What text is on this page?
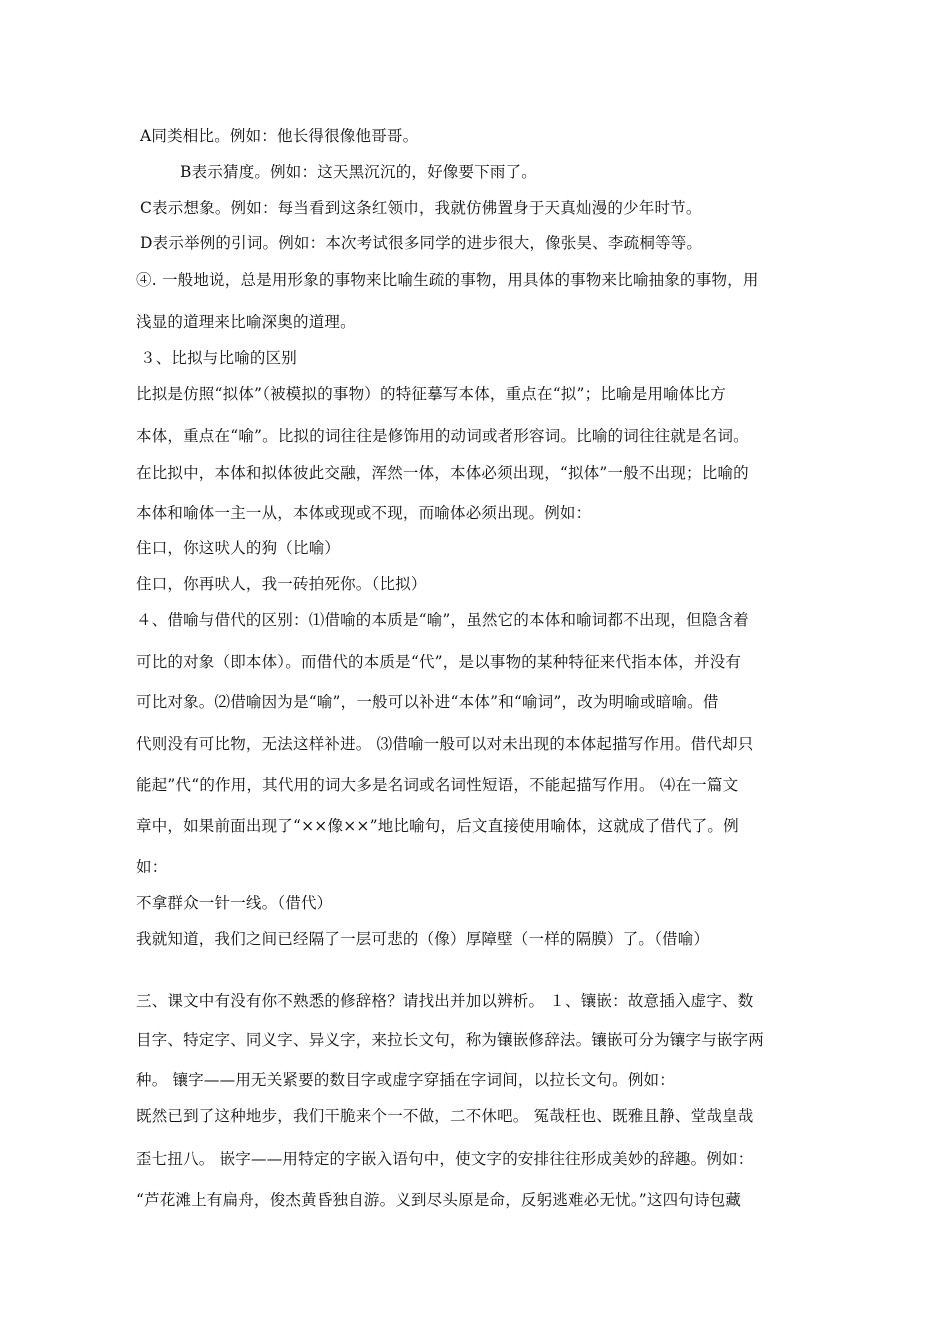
A同类相比。例如：他长得很像他哥哥。
B表示猜度。例如：这天黑沉沉的，好像要下雨了。
C表示想象。例如：每当看到这条红领巾，我就仿佛置身于天真灿漫的少年时节。
D表示举例的引词。例如：本次考试很多同学的进步很大，像张昊、李疏桐等等。
④. 一般地说，总是用形象的事物来比喻生疏的事物，用具体的事物来比喻抽象的事物，用
浅显的道理来比喻深奥的道理。
３、比拟与比喻的区别
比拟是仿照“拟体”（被模拟的事物）的特征摹写本体，重点在“拟”；比喻是用喻体比方
本体，重点在“喻”。比拟的词往往是修饰用的动词或者形容词。比喻的词往往就是名词。
在比拟中，本体和拟体彼此交融，浑然一体，本体必须出现，“拟体”一般不出现；比喻的
本体和喻体一主一从，本体或现或不现，而喻体必须出现。例如：
住口，你这吠人的狗（比喻）
住口，你再吠人，我一砖拍死你。（比拟）
４、借喻与借代的区别：⑴借喻的本质是“喻”，虽然它的本体和喻词都不出现，但隐含着
可比的对象（即本体）。而借代的本质是“代”，是以事物的某种特征来代指本体，并没有
可比对象。⑵借喻因为是“喻”，一般可以补进“本体”和“喻词”，改为明喻或暗喻。借
代则没有可比物，无法这样补进。 ⑶借喻一般可以对未出现的本体起描写作用。借代却只
能起”代“的作用，其代用的词大多是名词或名词性短语，不能起描写作用。 ⑷在一篇文
章中，如果前面出现了“××像××”地比喻句，后文直接使用喻体，这就成了借代了。例
如：
不拿群众一针一线。（借代）
我就知道，我们之间已经隔了一层可悲的（像）厚障壁（一样的隔膜）了。（借喻）
三、课文中有没有你不熟悉的修辞格？请找出并加以辨析。 １、镶嵌：故意插入虚字、数
目字、特定字、同义字、异义字，来拉长文句，称为镶嵌修辞法。镶嵌可分为镶字与嵌字两
种。 镶字——用无关紧要的数目字或虚字穿插在字词间，以拉长文句。例如：
既然已到了这种地步，我们干脆来个一不做，二不休吧。 冤哉枉也、既雅且静、堂哉皇哉
歪七扭八。 嵌字——用特定的字嵌入语句中，使文字的安排往往形成美妙的辞趣。例如：
“芦花滩上有扁舟，俊杰黄昏独自游。义到尽头原是命，反躬逃难必无忧。”这四句诗包藏
